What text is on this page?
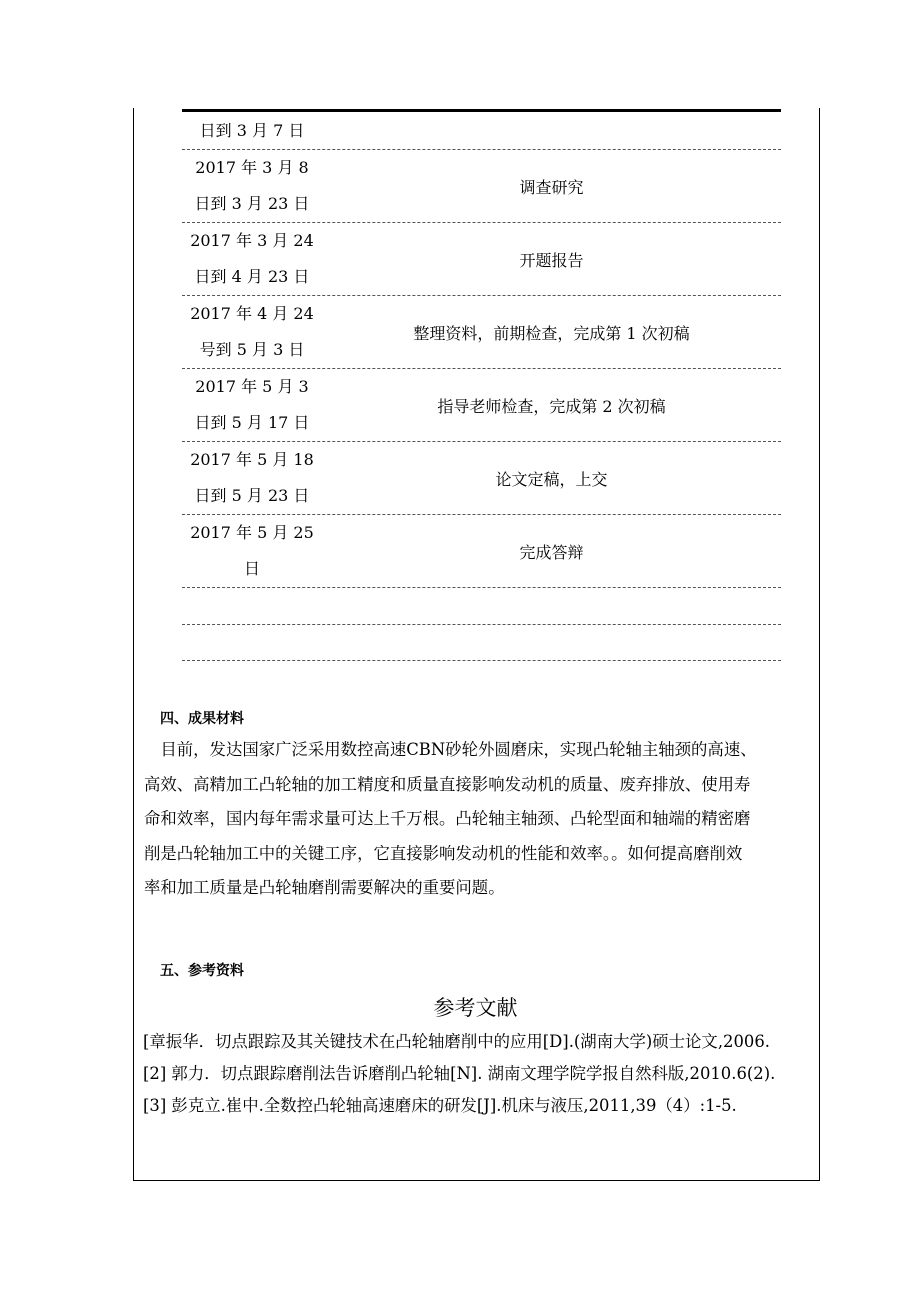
日到 3 月 7 日
2017 年 3 月 8
日到 3 月 23 日
调查研究
2017 年 3 月 24
日到 4 月 23 日
开题报告
2017 年 4 月 24
号到 5 月 3 日
整理资料，前期检查，完成第 1 次初稿
2017 年 5 月 3
日到 5 月 17 日
指导老师检查，完成第 2 次初稿
2017 年 5 月 18
日到 5 月 23 日
论文定稿，上交
2017 年 5 月 25
日
完成答辩
四、成果材料

　目前，发达国家广泛采用数控高速CBN砂轮外圆磨床，实现凸轮轴主轴颈的高速、

高效、高精加工凸轮轴的加工精度和质量直接影响发动机的质量、废弃排放、使用寿

命和效率，国内每年需求量可达上千万根。凸轮轴主轴颈、凸轮型面和轴端的精密磨

削是凸轮轴加工中的关键工序，它直接影响发动机的性能和效率。。如何提高磨削效

率和加工质量是凸轮轴磨削需要解决的重要问题。

五、参考资料
参考文献
[章振华．切点跟踪及其关键技术在凸轮轴磨削中的应用[D].(湖南大学)硕士论文,2006.
[2] 郭力．切点跟踪磨削法告诉磨削凸轮轴[N]. 湖南文理学院学报自然科版,2010.6(2).
[3] 彭克立.崔中.全数控凸轮轴高速磨床的研发[J].机床与液压,2011,39（4）:1-5.
